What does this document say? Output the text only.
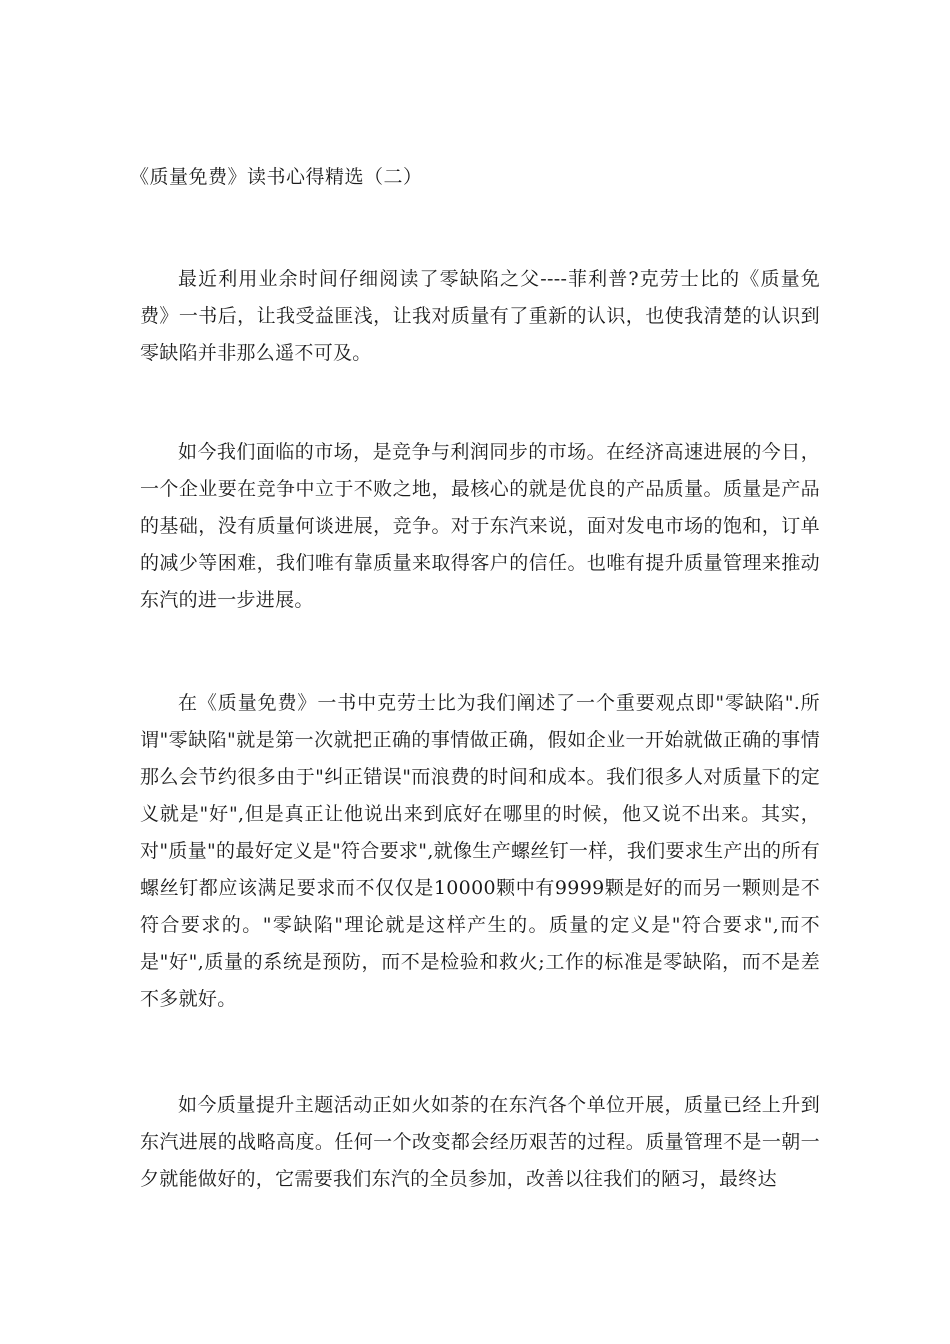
《质量免费》读书心得精选（二）

最近利用业余时间仔细阅读了零缺陷之父----菲利普?克劳士比的《质量免费》一书后，让我受益匪浅，让我对质量有了重新的认识，也使我清楚的认识到零缺陷并非那么遥不可及。

如今我们面临的市场，是竞争与利润同步的市场。在经济高速进展的今日，一个企业要在竞争中立于不败之地，最核心的就是优良的产品质量。质量是产品的基础，没有质量何谈进展，竞争。对于东汽来说，面对发电市场的饱和，订单的减少等困难，我们唯有靠质量来取得客户的信任。也唯有提升质量管理来推动东汽的进一步进展。

在《质量免费》一书中克劳士比为我们阐述了一个重要观点即"零缺陷".所谓"零缺陷"就是第一次就把正确的事情做正确，假如企业一开始就做正确的事情那么会节约很多由于"纠正错误"而浪费的时间和成本。我们很多人对质量下的定义就是"好",但是真正让他说出来到底好在哪里的时候，他又说不出来。其实，对"质量"的最好定义是"符合要求",就像生产螺丝钉一样，我们要求生产出的所有螺丝钉都应该满足要求而不仅仅是10000颗中有9999颗是好的而另一颗则是不符合要求的。"零缺陷"理论就是这样产生的。质量的定义是"符合要求",而不是"好",质量的系统是预防，而不是检验和救火;工作的标准是零缺陷，而不是差不多就好。

如今质量提升主题活动正如火如荼的在东汽各个单位开展，质量已经上升到东汽进展的战略高度。任何一个改变都会经历艰苦的过程。质量管理不是一朝一夕就能做好的，它需要我们东汽的全员参加，改善以往我们的陋习，最终达
